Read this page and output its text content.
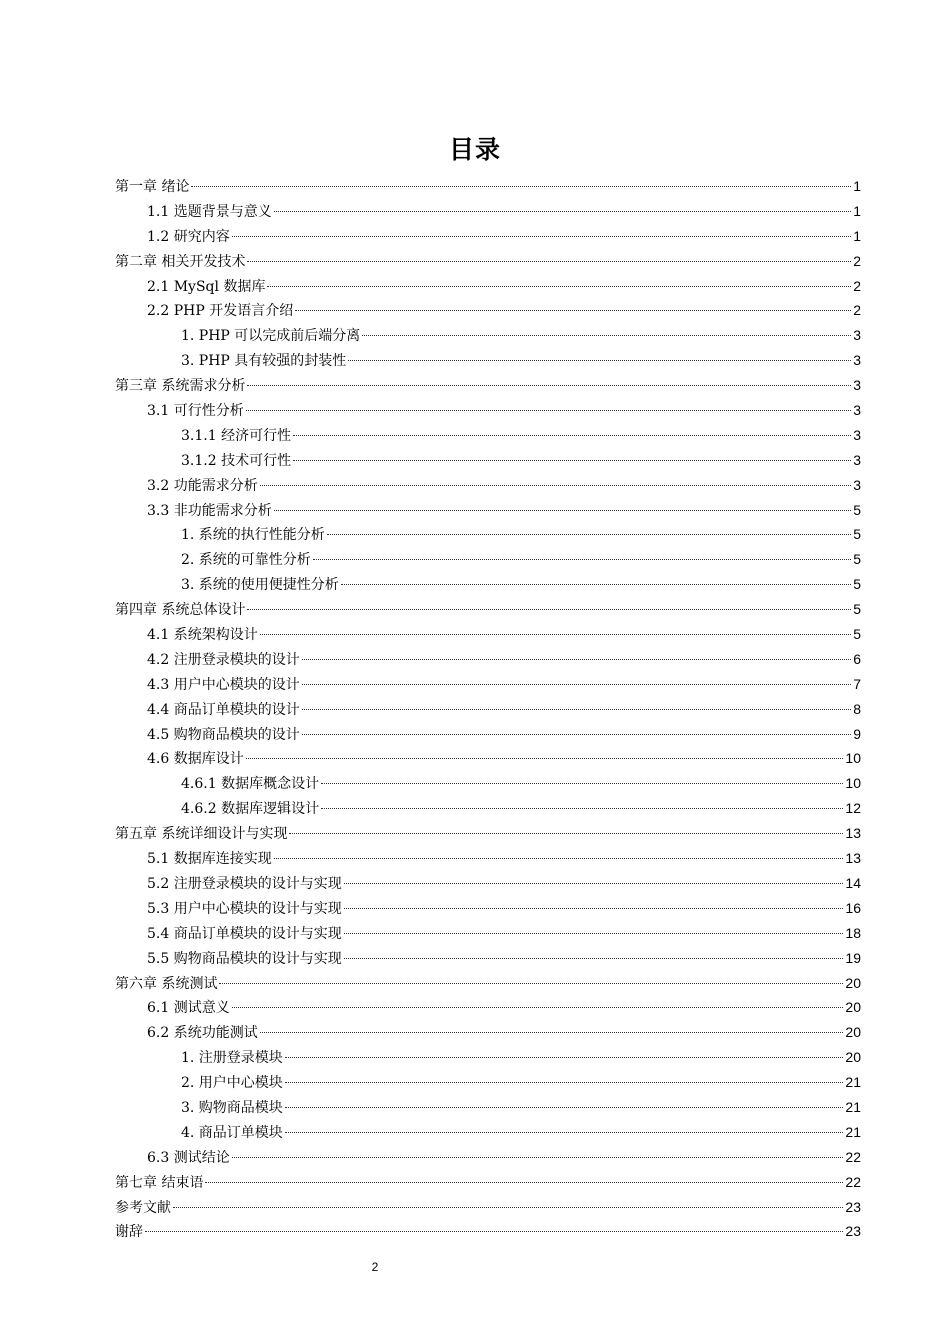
目录
第一章 绪论	1
1.1 选题背景与意义	1
1.2 研究内容	1
第二章 相关开发技术	2
2.1 MySql 数据库	2
2.2 PHP 开发语言介绍	2
1. PHP 可以完成前后端分离	3
3. PHP 具有较强的封装性	3
第三章 系统需求分析	3
3.1 可行性分析	3
3.1.1 经济可行性	3
3.1.2 技术可行性	3
3.2 功能需求分析	3
3.3 非功能需求分析	5
1. 系统的执行性能分析	5
2. 系统的可靠性分析	5
3. 系统的使用便捷性分析	5
第四章 系统总体设计	5
4.1 系统架构设计	5
4.2 注册登录模块的设计	6
4.3 用户中心模块的设计	7
4.4 商品订单模块的设计	8
4.5 购物商品模块的设计	9
4.6 数据库设计	10
4.6.1 数据库概念设计	10
4.6.2 数据库逻辑设计	12
第五章 系统详细设计与实现	13
5.1 数据库连接实现	13
5.2 注册登录模块的设计与实现	14
5.3 用户中心模块的设计与实现	16
5.4 商品订单模块的设计与实现	18
5.5 购物商品模块的设计与实现	19
第六章 系统测试	20
6.1 测试意义	20
6.2 系统功能测试	20
1. 注册登录模块	20
2. 用户中心模块	21
3. 购物商品模块	21
4. 商品订单模块	21
6.3 测试结论	22
第七章 结束语	22
参考文献	23
谢辞	23
2
